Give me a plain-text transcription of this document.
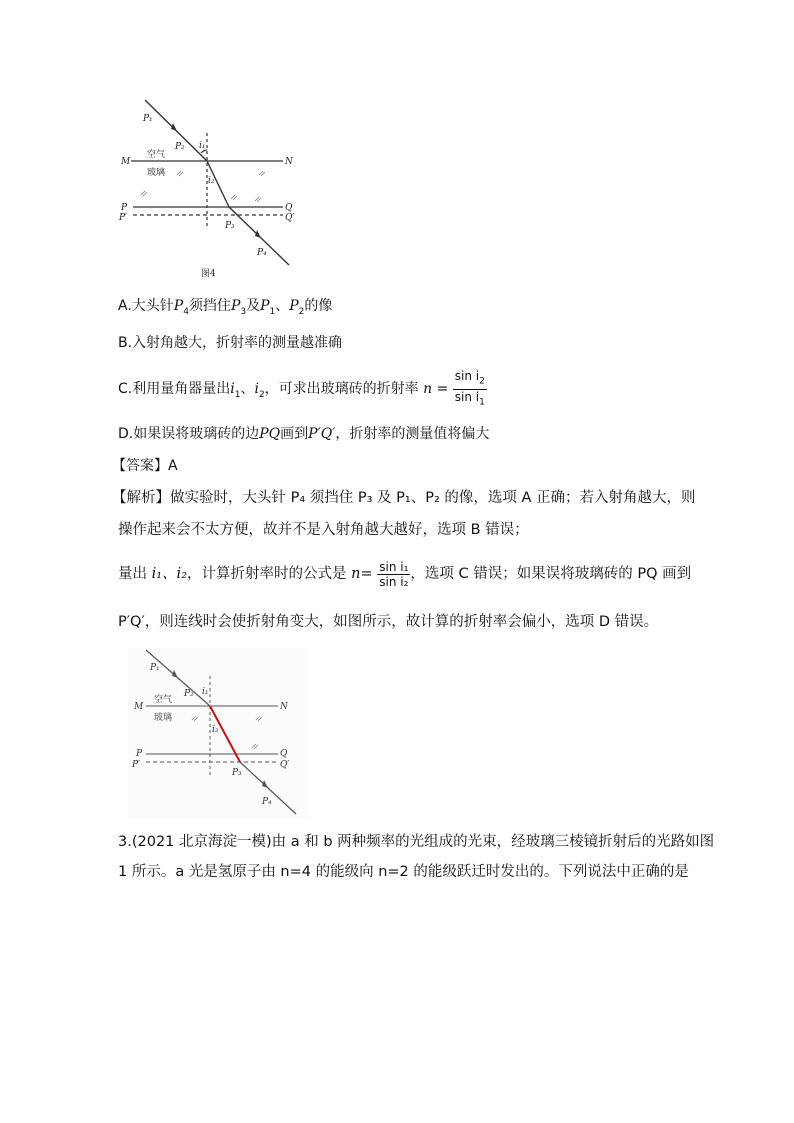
P₁
P₂ i₁
i₂
M	N
P
P′
Q
Q′
P₃
P₄
空气
玻璃
图4
A.大头针$P_4$须挡住$P_3$及$P_1$、$P_2$的像
B.入射角越大，折射率的测量越准确
C.利用量角器量出$i_1$、$i_2$，可求出玻璃砖的折射率 $n = \frac{\sin i_2}{\sin i_1}$
D.如果误将玻璃砖的边PQ画到P′Q′，折射率的测量值将偏大
【答案】A
【解析】做实验时，大头针 P₄ 须挡住 P₃ 及 P₁、P₂ 的像，选项 A 正确；若入射角越大，则
操作起来会不太方便，故并不是入射角越大越好，选项 B 错误；
量出 i₁、i₂，计算折射率时的公式是 $n= \frac{\text{sin i₁}}{\text{sin i₂}}$ ，选项 C 错误；如果误将玻璃砖的 PQ 画到
P′Q′，则连线时会使折射角变大，如图所示，故计算的折射率会偏小，选项 D 错误。
P₁
P₂ i₁
i₂
M	N
P
P′
Q
Q′
P₃
P₄
空气
玻璃
3.(2021 北京海淀一模)由 a 和 b 两种频率的光组成的光束，经玻璃三棱镜折射后的光路如图
1 所示。a 光是氢原子由 n=4 的能级向 n=2 的能级跃迁时发出的。下列说法中正确的是
